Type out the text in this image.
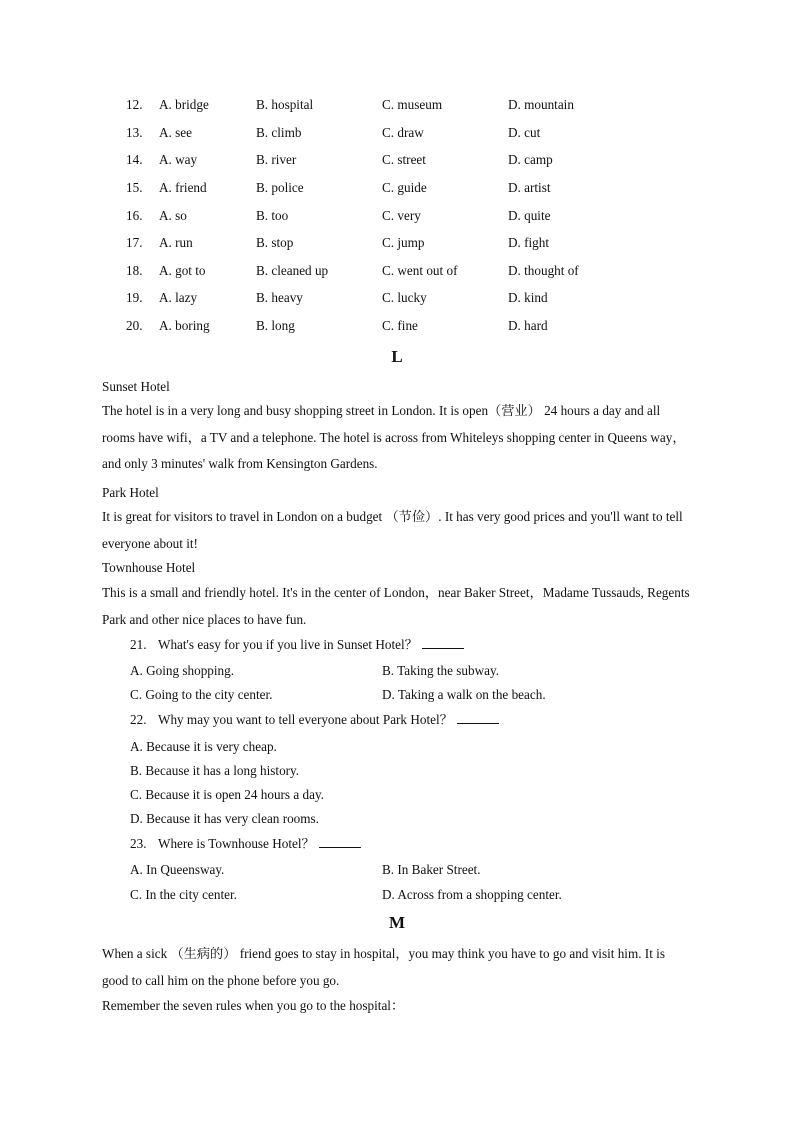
12. A. bridge	B. hospital	C. museum	D. mountain
13. A. see	B. climb	C. draw	D. cut
14. A. way	B. river	C. street	D. camp
15. A. friend	B. police	C. guide	D. artist
16. A. so	B. too	C. very	D. quite
17. A. run	B. stop	C. jump	D. fight
18. A. got to	B. cleaned up	C. went out of	D. thought of
19. A. lazy	B. heavy	C. lucky	D. kind
20. A. boring	B. long	C. fine	D. hard
L

Sunset Hotel

The hotel is in a very long and busy shopping street in London. It is open（营业） 24 hours a day and all rooms have wifi，a TV and a telephone. The hotel is across from Whiteleys shopping center in Queens way，and only 3 minutes' walk from Kensington Gardens.

Park Hotel

It is great for visitors to travel in London on a budget （节俭）. It has very good prices and you'll want to tell everyone about it!

Townhouse Hotel

This is a small and friendly hotel. It's in the center of London，near Baker Street，Madame Tussauds, Regents Park and other nice places to have fun.

21. What's easy for you if you live in Sunset Hotel？
A. Going shopping.	B. Taking the subway.
C. Going to the city center.	D. Taking a walk on the beach.
22. Why may you want to tell everyone about Park Hotel？
A. Because it is very cheap.
B. Because it has a long history.
C. Because it is open 24 hours a day.
D. Because it has very clean rooms.
23. Where is Townhouse Hotel？
A. In Queensway.	B. In Baker Street.
C. In the city center.	D. Across from a shopping center.
M

When a sick （生病的） friend goes to stay in hospital，you may think you have to go and visit him. It is good to call him on the phone before you go.

Remember the seven rules when you go to the hospital：
